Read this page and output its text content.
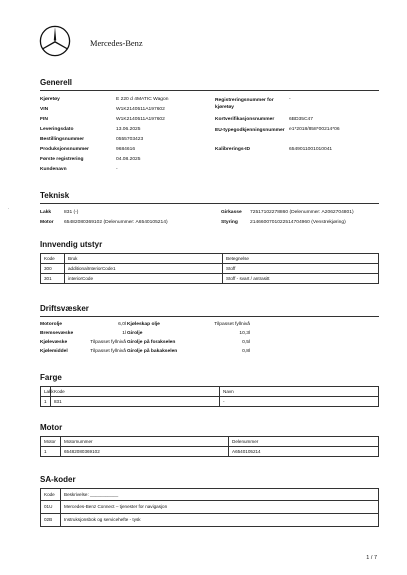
Mercedes-Benz
Generell
Kjøretøy	E 220 d 4MATIC Wagon
VIN	W1K2140511A197602
FIN	W1K2140511A197602
Leveringsdato	13.06.2025
Bestillingsnummer	0555703423
Produksjonsnummer	9684616
Første registrering	04.08.2025
Kundenavn	-
Registreringsnummer for kjøretøy
-
Kortverifikasjonsnummer	6BD35C47
EU-typegodkjenningsnummer e1*2018/858*00214*06
Kalibrerings-ID	6549011001010041
Teknisk
·
Lakk	831 (-)
Motor 65482080369102 (Delenummer: A6540105214)
Girkasse 72517102278860 (Delenummer: A2062704801)
Styring 21466007010225147049​60 (Venstrekjøring)
Innvendig utstyr
Kode	Bruk	Betegnelse
300	additionalInteriorCode1	Stoff
301	interiorCode	Stoff - svart / antrasitt
Driftsvæsker
Motorolje	6,0l
Bremsevæske	1l
Kjølevæske	Tilpasset fyllnivå
Kjølemiddel	Tilpasset fyllnivå
Kjøleskap olje	Tilpasset fyllnivå
Girolje	10,3l
Girolje på forakselen	0,5l
Girolje på bakakselen	0,8l
Farge
Lakk	Kode	Navn
1	831	-
Motor
Motor	Motornummer	Delenummer
1	65482080369102	A6540105214
SA-koder
Kode	Beskrivelse: ___________
01U	Mercedes-Benz Connect – tjenester for navigasjon
02B	Instruksjonsbok og servicehefte - tysk
1 / 7
